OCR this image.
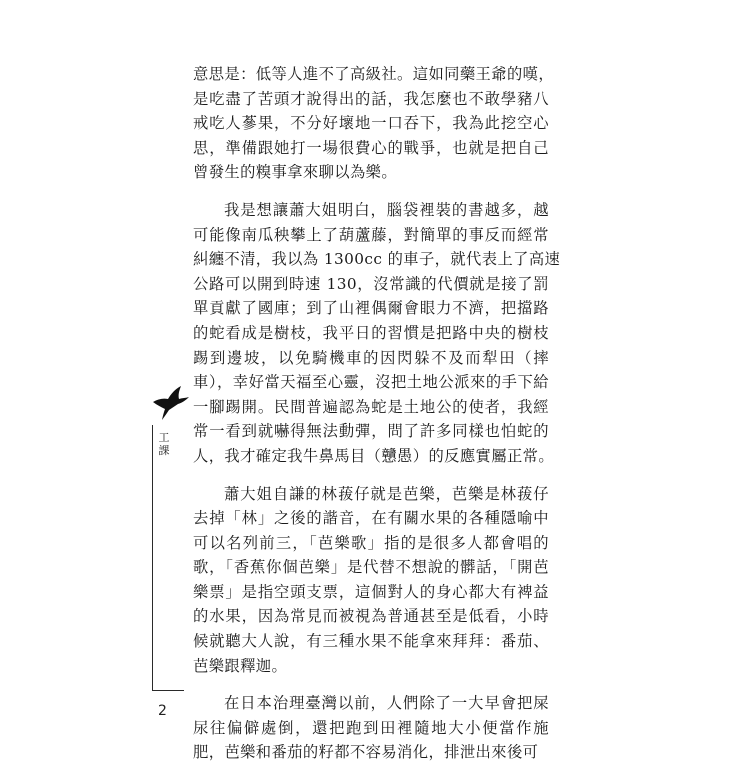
意思是：低等人進不了高級社。這如同藥王爺的嘆，
是吃盡了苦頭才說得出的話，我怎麼也不敢學豬八
戒吃人蔘果，不分好壞地一口吞下，我為此挖空心
思，準備跟她打一場很費心的戰爭，也就是把自己
曾發生的糗事拿來聊以為樂。

我是想讓蕭大姐明白，腦袋裡裝的書越多，越
可能像南瓜秧攀上了葫蘆藤，對簡單的事反而經常
糾纏不清，我以為 1300cc 的車子，就代表上了高速
公路可以開到時速 130，沒常識的代價就是接了罰
單貢獻了國庫；到了山裡偶爾會眼力不濟，把擋路
的蛇看成是樹枝，我平日的習慣是把路中央的樹枝
踢到邊坡，以免騎機車的因閃躲不及而犁田（摔
車），幸好當天福至心靈，沒把土地公派來的手下給
一腳踢開。民間普遍認為蛇是土地公的使者，我經
常一看到就嚇得無法動彈，問了許多同樣也怕蛇的
人，我才確定我牛鼻馬目（戇愚）的反應實屬正常。

蕭大姐自謙的林菝仔就是芭樂，芭樂是林菝仔
去掉「林」之後的諧音，在有關水果的各種隱喻中
可以名列前三，「芭樂歌」指的是很多人都會唱的
歌，「香蕉你個芭樂」是代替不想說的髒話，「開芭
樂票」是指空頭支票，這個對人的身心都大有裨益
的水果，因為常見而被視為普通甚至是低看，小時
候就聽大人說，有三種水果不能拿來拜拜：番茄、
芭樂跟釋迦。

在日本治理臺灣以前，人們除了一大早會把屎
尿往偏僻處倒，還把跑到田裡隨地大小便當作施
肥，芭樂和番茄的籽都不容易消化，排泄出來後可

工課
2
